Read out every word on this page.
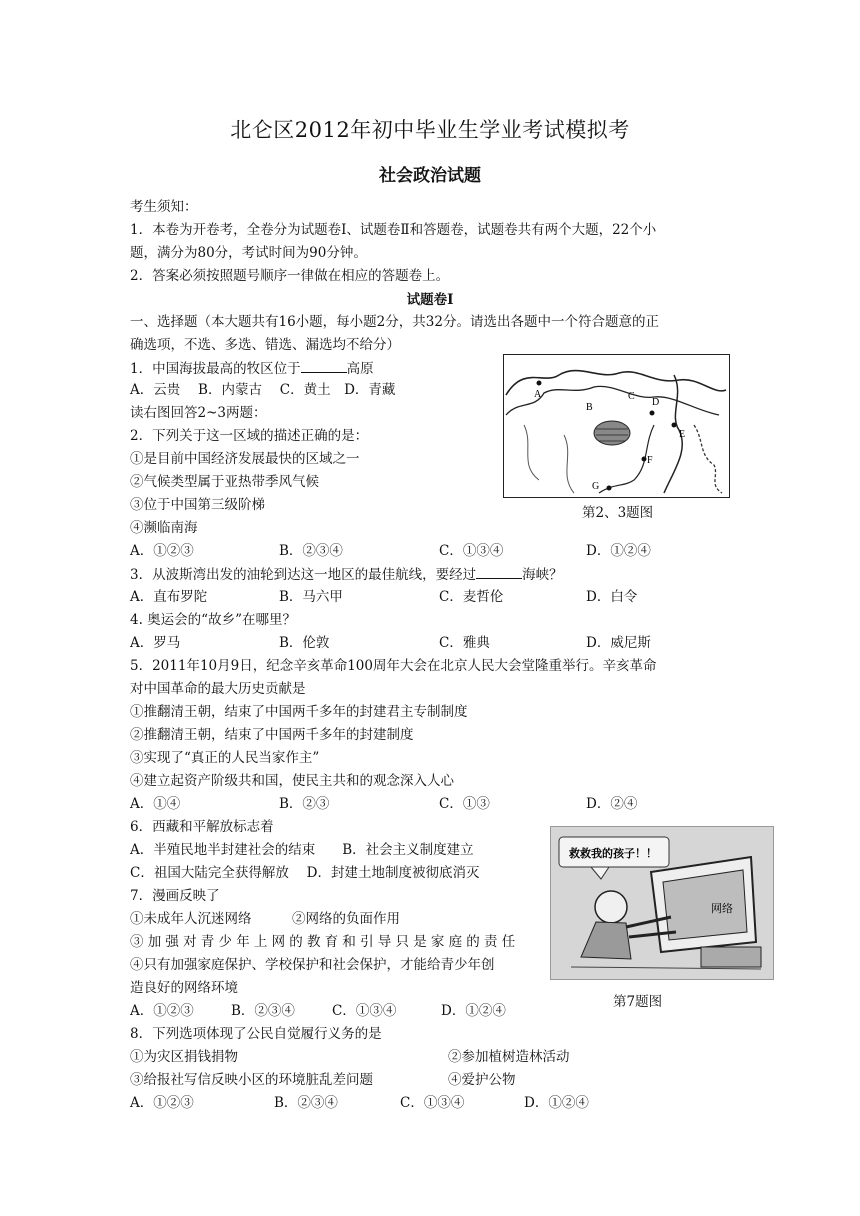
北仑区2012年初中毕业生学业考试模拟考
社会政治试题
考生须知：
1．本卷为开卷考，全卷分为试题卷Ⅰ、试题卷Ⅱ和答题卷，试题卷共有两个大题，22个小
题，满分为80分，考试时间为90分钟。
2．答案必须按照题号顺序一律做在相应的答题卷上。
试题卷Ⅰ
一、选择题（本大题共有16小题，每小题2分，共32分。请选出各题中一个符合题意的正
确选项，不选、多选、错选、漏选均不给分）
1．中国海拔最高的牧区位于	高原
A．云贵　 B．内蒙古　 C．黄土　D．青藏
读右图回答2~3两题：
2．下列关于这一区域的描述正确的是：
①是目前中国经济发展最快的区域之一
②气候类型属于亚热带季风气候
③位于中国第三级阶梯
④濒临南海
A．①②③	B．②③④	C．①③④	D．①②④
3．从波斯湾出发的油轮到达这一地区的最佳航线，要经过	海峡？
A．直布罗陀	B．马六甲	C．麦哲伦	D．白令
4. 奥运会的“故乡”在哪里？
A．罗马	B．伦敦	C．雅典	D．威尼斯
5．2011年10月9日，纪念辛亥革命100周年大会在北京人民大会堂隆重举行。辛亥革命
对中国革命的最大历史贡献是
①推翻清王朝，结束了中国两千多年的封建君主专制制度
②推翻清王朝，结束了中国两千多年的封建制度
③实现了“真正的人民当家作主”
④建立起资产阶级共和国，使民主共和的观念深入人心
A．①④	B．②③	C．①③	D．②④
6．西藏和平解放标志着
A．半殖民地半封建社会的结束　　B．社会主义制度建立
C．祖国大陆完全获得解放　 D．封建土地制度被彻底消灭
7．漫画反映了
①未成年人沉迷网络　　　②网络的负面作用
③加强对青少年上网的教育和引导只是家庭的责任
④只有加强家庭保护、学校保护和社会保护，才能给青少年创
造良好的网络环境
A．①②③	B．②③④	C．①③④	D．①②④
8．下列选项体现了公民自觉履行义务的是
①为灾区捐钱捐物	②参加植树造林活动
③给报社写信反映小区的环境脏乱差问题	④爱护公物
A．①②③	B．②③④	C．①③④	D．①②④
A
B
C
D
E
F
G
第2、3题图
救救我的孩子！！
网络
第7题图
